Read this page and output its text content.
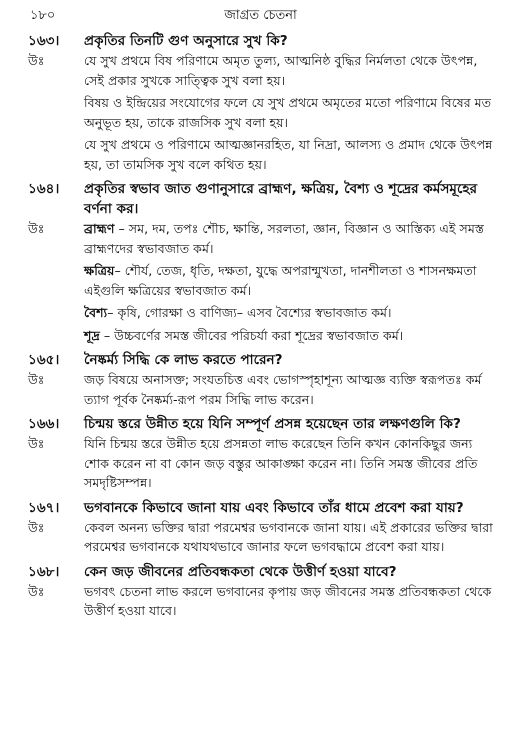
১৮০	জাগ্রত চেতনা
১৬৩।	প্রকৃতির তিনটি গুণ অনুসারে সুখ কি?
উঃ	যে সুখ প্রথমে বিষ পরিণামে অমৃত তুল্য, আত্মনিষ্ঠ বুদ্ধির নির্মলতা থেকে উৎপন্ন, সেই প্রকার সুখকে সাত্ত্বিক সুখ বলা হয়।

বিষয় ও ইন্দ্রিয়ের সংযোগের ফলে যে সুখ প্রথমে অমৃতের মতো পরিণামে বিষের মত অনুভূত হয়, তাকে রাজসিক সুখ বলা হয়।

যে সুখ প্রথমে ও পরিণামে আত্মজ্ঞানরহিত, যা নিদ্রা, আলস্য ও প্রমাদ থেকে উৎপন্ন হয়, তা তামসিক সুখ বলে কথিত হয়।

১৬৪।	প্রকৃতির স্বভাব জাত গুণানুসারে ব্রাহ্মণ, ক্ষত্রিয়, বৈশ্য ও শূদ্রের কর্মসমূহের বর্ণনা কর।
উঃ	ব্রাহ্মণ – সম, দম, তপঃ শৌচ, ক্ষান্তি, সরলতা, জ্ঞান, বিজ্ঞান ও আস্তিক্য এই সমস্ত ব্রাহ্মণদের স্বভাবজাত কর্ম।

ক্ষত্রিয়– শৌর্য, তেজ, ধৃতি, দক্ষতা, যুদ্ধে অপরান্মুখতা, দানশীলতা ও শাসনক্ষমতা এইগুলি ক্ষত্রিয়ের স্বভাবজাত কর্ম।

বৈশ্য– কৃষি, গোরক্ষা ও বাণিজ্য– এসব বৈশ্যের স্বভাবজাত কর্ম।

শূদ্র – উচ্চবর্ণের সমস্ত জীবের পরিচর্যা করা শূদ্রের স্বভাবজাত কর্ম।

১৬৫।	নৈষ্কর্ম্য সিদ্ধি কে লাভ করতে পারেন?
উঃ	জড় বিষয়ে অনাসক্ত; সংযতচিত্ত এবং ভোগস্পৃহাশূন্য আত্মজ্ঞ ব্যক্তি স্বরূপতঃ কর্ম ত্যাগ পূর্বক নৈষ্কর্ম্য-রূপ পরম সিদ্ধি লাভ করেন।

১৬৬।	চিন্ময় স্তরে উন্নীত হয়ে যিনি সম্পূর্ণ প্রসন্ন হয়েছেন তার লক্ষণগুলি কি?
উঃ	যিনি চিন্ময় স্তরে উন্নীত হয়ে প্রসন্নতা লাভ করেছেন তিনি কখন কোনকিছুর জন্য শোক করেন না বা কোন জড় বস্তুর আকাঙ্ক্ষা করেন না। তিনি সমস্ত জীবের প্রতি সমদৃষ্টিসম্পন্ন।

১৬৭।	ভগবানকে কিভাবে জানা যায় এবং কিভাবে তাঁর ধামে প্রবেশ করা যায়?
উঃ	কেবল অনন্য ভক্তির দ্বারা পরমেশ্বর ভগবানকে জানা যায়। এই প্রকারের ভক্তির দ্বারা পরমেশ্বর ভগবানকে যথাযথভাবে জানার ফলে ভগবদ্ধামে প্রবেশ করা যায়।

১৬৮।	কেন জড় জীবনের প্রতিবন্ধকতা থেকে উত্তীর্ণ হওয়া যাবে?
উঃ	ভগবৎ চেতনা লাভ করলে ভগবানের কৃপায় জড় জীবনের সমস্ত প্রতিবন্ধকতা থেকে উত্তীর্ণ হওয়া যাবে।
